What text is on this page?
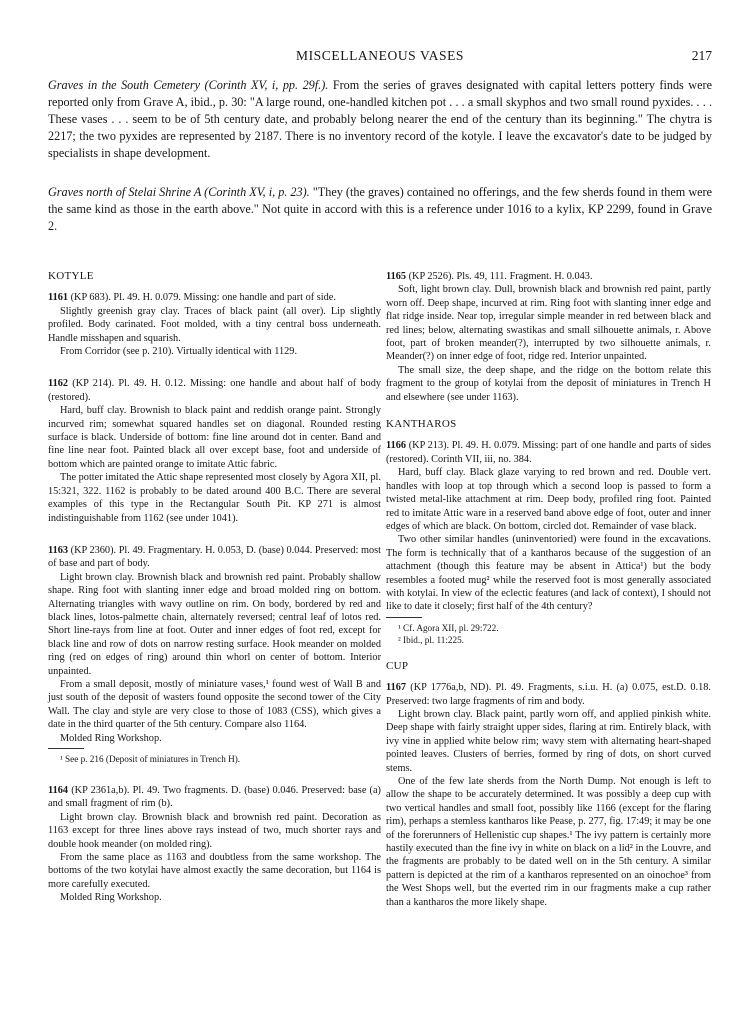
MISCELLANEOUS VASES	217

Graves in the South Cemetery (Corinth XV, i, pp. 29f.). From the series of graves designated with capital letters pottery finds were reported only from Grave A, ibid., p. 30: "A large round, one-handled kitchen pot . . . a small skyphos and two small round pyxides. . . . These vases . . . seem to be of 5th century date, and probably belong nearer the end of the century than its beginning." The chytra is 2217; the two pyxides are represented by 2187. There is no inventory record of the kotyle. I leave the excavator's date to be judged by specialists in shape development.

Graves north of Stelai Shrine A (Corinth XV, i, p. 23). "They (the graves) contained no offerings, and the few sherds found in them were the same kind as those in the earth above." Not quite in accord with this is a reference under 1016 to a kylix, KP 2299, found in Grave 2.

KOTYLE

1161 (KP 683). Pl. 49. H. 0.079. Missing: one handle and part of side.

Slightly greenish gray clay. Traces of black paint (all over). Lip slightly profiled. Body carinated. Foot molded, with a tiny central boss underneath. Handle misshapen and squarish.

From Corridor (see p. 210). Virtually identical with 1129.

1162 (KP 214). Pl. 49. H. 0.12. Missing: one handle and about half of body (restored).

Hard, buff clay. Brownish to black paint and reddish orange paint. Strongly incurved rim; somewhat squared handles set on diagonal. Rounded resting surface is black. Underside of bottom: fine line around dot in center. Band and fine line near foot. Painted black all over except base, foot and underside of bottom which are painted orange to imitate Attic fabric.

The potter imitated the Attic shape represented most closely by Agora XII, pl. 15:321, 322. 1162 is probably to be dated around 400 B.C. There are several examples of this type in the Rectangular South Pit. KP 271 is almost indistinguishable from 1162 (see under 1041).

1163 (KP 2360). Pl. 49. Fragmentary. H. 0.053, D. (base) 0.044. Preserved: most of base and part of body.

Light brown clay. Brownish black and brownish red paint. Probably shallow shape. Ring foot with slanting inner edge and broad molded ring on bottom. Alternating triangles with wavy outline on rim. On body, bordered by red and black lines, lotos-palmette chain, alternately reversed; central leaf of lotos red. Short line-rays from line at foot. Outer and inner edges of foot red, except for black line and row of dots on narrow resting surface. Hook meander on molded ring (red on edges of ring) around thin whorl on center of bottom. Interior unpainted.

From a small deposit, mostly of miniature vases,¹ found west of Wall B and just south of the deposit of wasters found opposite the second tower of the City Wall. The clay and style are very close to those of 1083 (CSS), which gives a date in the third quarter of the 5th century. Compare also 1164.

Molded Ring Workshop.

¹ See p. 216 (Deposit of miniatures in Trench H).

1164 (KP 2361a,b). Pl. 49. Two fragments. D. (base) 0.046. Preserved: base (a) and small fragment of rim (b).

Light brown clay. Brownish black and brownish red paint. Decoration as 1163 except for three lines above rays instead of two, much shorter rays and double hook meander (on molded ring).

From the same place as 1163 and doubtless from the same workshop. The bottoms of the two kotylai have almost exactly the same decoration, but 1164 is more carefully executed.

Molded Ring Workshop.

1165 (KP 2526). Pls. 49, 111. Fragment. H. 0.043.

Soft, light brown clay. Dull, brownish black and brownish red paint, partly worn off. Deep shape, incurved at rim. Ring foot with slanting inner edge and flat ridge inside. Near top, irregular simple meander in red between black and red lines; below, alternating swastikas and small silhouette animals, r. Above foot, part of broken meander(?), interrupted by two silhouette animals, r. Meander(?) on inner edge of foot, ridge red. Interior unpainted.

The small size, the deep shape, and the ridge on the bottom relate this fragment to the group of kotylai from the deposit of miniatures in Trench H and elsewhere (see under 1163).

KANTHAROS

1166 (KP 213). Pl. 49. H. 0.079. Missing: part of one handle and parts of sides (restored). Corinth VII, iii, no. 384.

Hard, buff clay. Black glaze varying to red brown and red. Double vert. handles with loop at top through which a second loop is passed to form a twisted metal-like attachment at rim. Deep body, profiled ring foot. Painted red to imitate Attic ware in a reserved band above edge of foot, outer and inner edges of which are black. On bottom, circled dot. Remainder of vase black.

Two other similar handles (uninventoried) were found in the excavations. The form is technically that of a kantharos because of the suggestion of an attachment (though this feature may be absent in Attica¹) but the body resembles a footed mug² while the reserved foot is most generally associated with kotylai. In view of the eclectic features (and lack of context), I should not like to date it closely; first half of the 4th century?

¹ Cf. Agora XII, pl. 29:722.

² Ibid., pl. 11:225.

CUP

1167 (KP 1776a,b, ND). Pl. 49. Fragments, s.i.u. H. (a) 0.075, est.D. 0.18. Preserved: two large fragments of rim and body.

Light brown clay. Black paint, partly worn off, and applied pinkish white. Deep shape with fairly straight upper sides, flaring at rim. Entirely black, with ivy vine in applied white below rim; wavy stem with alternating heart-shaped pointed leaves. Clusters of berries, formed by ring of dots, on short curved stems.

One of the few late sherds from the North Dump. Not enough is left to allow the shape to be accurately determined. It was possibly a deep cup with two vertical handles and small foot, possibly like 1166 (except for the flaring rim), perhaps a stemless kantharos like Pease, p. 277, fig. 17:49; it may be one of the forerunners of Hellenistic cup shapes.¹ The ivy pattern is certainly more hastily executed than the fine ivy in white on black on a lid² in the Louvre, and the fragments are probably to be dated well on in the 5th century. A similar pattern is depicted at the rim of a kantharos represented on an oinochoe³ from the West Shops well, but the everted rim in our fragments make a cup rather than a kantharos the more likely shape.
